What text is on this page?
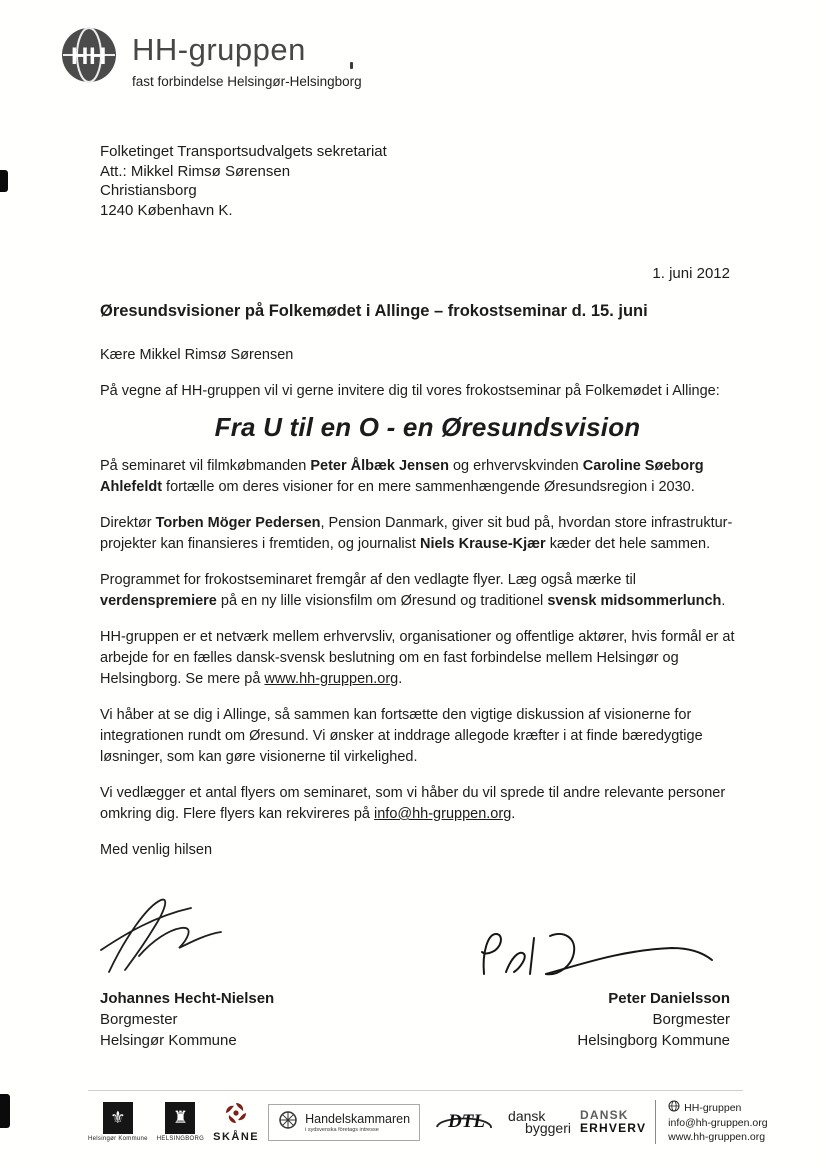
H H HH-gruppen
fast forbindelse Helsingør-Helsingborg
Folketinget Transportsudvalgets sekretariat
Att.: Mikkel Rimsø Sørensen
Christiansborg
1240 København K.
1. juni 2012
Øresundsvisioner på Folkemødet i Allinge – frokostseminar d. 15. juni

Kære Mikkel Rimsø Sørensen

På vegne af HH-gruppen vil vi gerne invitere dig til vores frokostseminar på Folkemødet i Allinge:

Fra U til en O - en Øresundsvision

På seminaret vil filmkøbmanden Peter Ålbæk Jensen og erhvervskvinden Caroline Søeborg Ahlefeldt fortælle om deres visioner for en mere sammenhængende Øresundsregion i 2030.

Direktør Torben Möger Pedersen, Pension Danmark, giver sit bud på, hvordan store infrastruktur-projekter kan finansieres i fremtiden, og journalist Niels Krause-Kjær kæder det hele sammen.

Programmet for frokostseminaret fremgår af den vedlagte flyer. Læg også mærke til verdenspremiere på en ny lille visionsfilm om Øresund og traditionel svensk midsommerlunch.

HH-gruppen er et netværk mellem erhvervsliv, organisationer og offentlige aktører, hvis formål er at arbejde for en fælles dansk-svensk beslutning om en fast forbindelse mellem Helsingør og Helsingborg. Se mere på www.hh-gruppen.org.

Vi håber at se dig i Allinge, så sammen kan fortsætte den vigtige diskussion af visionerne for integrationen rundt om Øresund. Vi ønsker at inddrage allegode kræfter i at finde bæredygtige løsninger, som kan gøre visionerne til virkelighed.

Vi vedlægger et antal flyers om seminaret, som vi håber du vil sprede til andre relevante personer omkring dig. Flere flyers kan rekvireres på info@hh-gruppen.org.

Med venlig hilsen

Johannes Hecht-Nielsen
Borgmester
Helsingør Kommune
Peter Danielsson
Borgmester
Helsingborg Kommune
⚜
Helsingør Kommune
♜
HELSINGBORG SKÅNE
Handelskammaren
i sydsvenska företags intresse	DTL dansk
byggeri
DANSK
ERHVERV
HH-gruppen
info@hh-gruppen.org
www.hh-gruppen.org
